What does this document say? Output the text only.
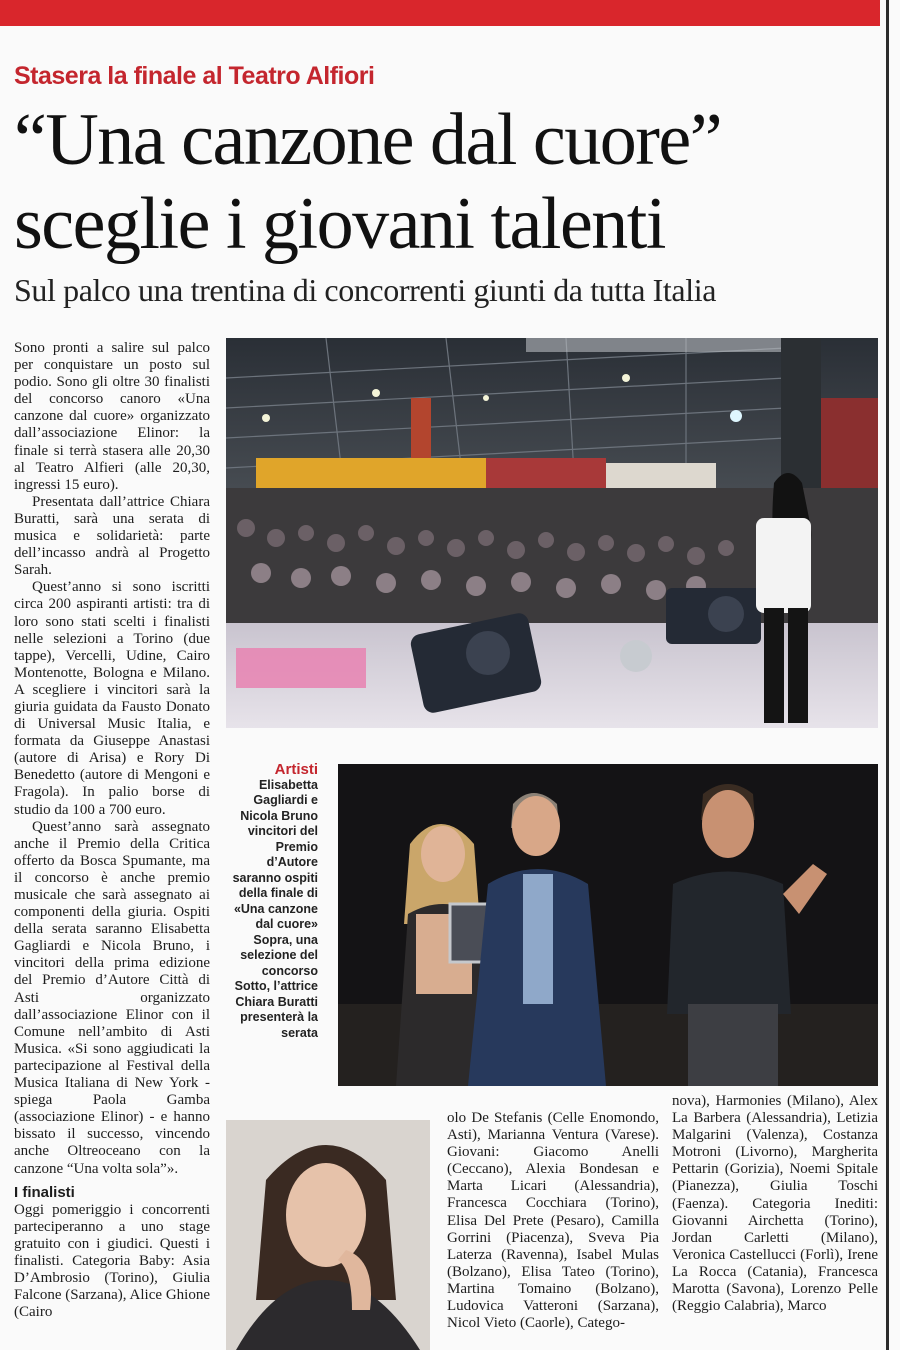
Stasera la finale al Teatro Alfiori
“Una canzone dal cuore”
sceglie i giovani talenti
Sul palco una trentina di concorrenti giunti da tutta Italia

Sono pronti a salire sul palco per conquistare un posto sul podio. Sono gli oltre 30 finalisti del concorso canoro «Una canzone dal cuore» organizzato dall’associazione Elinor: la finale si terrà stasera alle 20,30 al Teatro Alfieri (alle 20,30, ingressi 15 euro).

Presentata dall’attrice Chiara Buratti, sarà una serata di musica e solidarietà: parte dell’incasso andrà al Progetto Sarah.

Quest’anno si sono iscritti circa 200 aspiranti artisti: tra di loro sono stati scelti i finalisti nelle selezioni a Torino (due tappe), Vercelli, Udine, Cairo Montenotte, Bologna e Milano. A scegliere i vincitori sarà la giuria guidata da Fausto Donato di Universal Music Italia, e formata da Giuseppe Anastasi (autore di Arisa) e Rory Di Benedetto (autore di Mengoni e Fragola). In palio borse di studio da 100 a 700 euro.

Quest’anno sarà assegnato anche il Premio della Critica offerto da Bosca Spumante, ma il concorso è anche premio musicale che sarà assegnato ai componenti della giuria. Ospiti della serata saranno Elisabetta Gagliardi e Nicola Bruno, i vincitori della prima edizione del Premio d’Autore Città di Asti organizzato dall’associazione Elinor con il Comune nell’ambito di Asti Musica. «Si sono aggiudicati la partecipazione al Festival della Musica Italiana di New York - spiega Paola Gamba (associazione Elinor) - e hanno bissato il successo, vincendo anche Oltreoceano con la canzone “Una volta sola”».

I finalisti

Oggi pomeriggio i concorrenti parteciperanno a uno stage gratuito con i giudici. Questi i finalisti. Categoria Baby: Asia D’Ambrosio (Torino), Giulia Falcone (Sarzana), Alice Ghione (Cairo

Artisti
Elisabetta Gagliardi e Nicola Bruno vincitori del Premio d’Autore saranno ospiti della finale di «Una canzone dal cuore» Sopra, una selezione del concorso Sotto, l’attrice Chiara Buratti presenterà la serata

olo De Stefanis (Celle Enomondo, Asti), Marianna Ventura (Varese). Giovani: Giacomo Anelli (Ceccano), Alexia Bondesan e Marta Licari (Alessandria), Francesca Cocchiara (Torino), Elisa Del Prete (Pesaro), Camilla Gorrini (Piacenza), Sveva Pia Laterza (Ravenna), Isabel Mulas (Bolzano), Elisa Tateo (Torino), Martina Tomaino (Bolzano), Ludovica Vatteroni (Sarzana), Nicol Vieto (Caorle), Catego-

nova), Harmonies (Milano), Alex La Barbera (Alessandria), Letizia Malgarini (Valenza), Costanza Motroni (Livorno), Margherita Pettarin (Gorizia), Noemi Spitale (Pianezza), Giulia Toschi (Faenza). Categoria Inediti: Giovanni Airchetta (Torino), Jordan Carletti (Milano), Veronica Castellucci (Forlì), Irene La Rocca (Catania), Francesca Marotta (Savona), Lorenzo Pelle (Reggio Calabria), Marco
